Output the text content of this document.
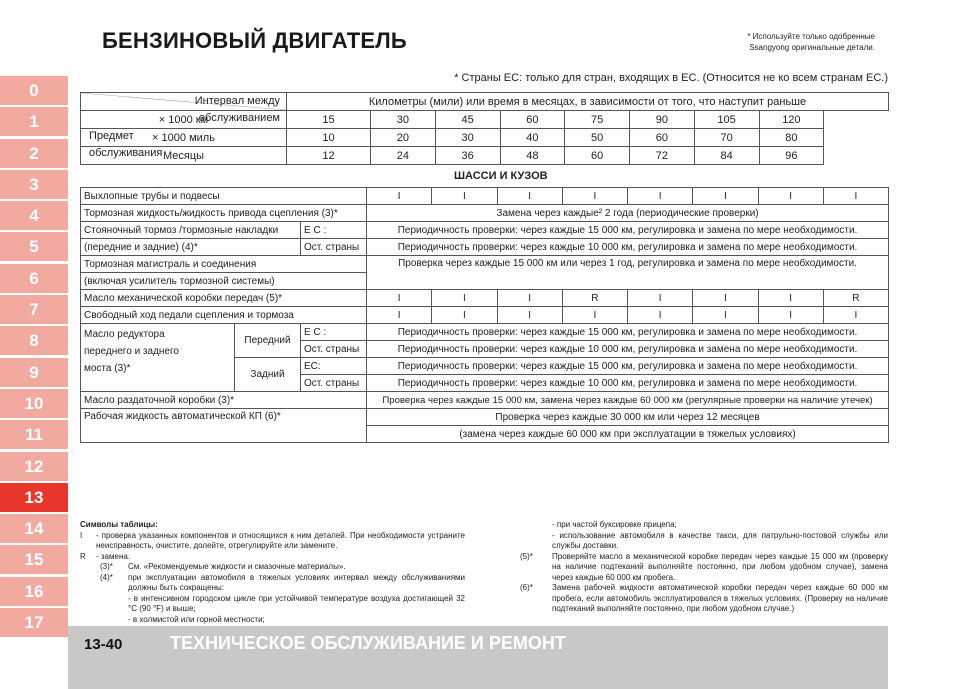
БЕНЗИНОВЫЙ ДВИГАТЕЛЬ	* Используйте только одобренные
Ssangyong оригинальные детали.
0
1
2
3
4
5
6
7
8
9
10
11
12
13
14
15
16
17
* Страны ЕС: только для стран, входящих в ЕС. (Относится не ко всем странам ЕС.)
Интервал между
обслуживанием
Предмет
обслуживания	Километры (мили) или время в месяцах, в зависимости от того, что наступит раньше							
× 1000 км	15	30	45	60	75	90	105	120
× 1000 миль	10	20	30	40	50	60	70	80
Месяцы	12	24	36	48	60	72	84	96
ШАССИ И КУЗОВ
Выхлопные трубы и подвесы			I	I	I	I	I	I	I	I
Тормозная жидкость/жидкость привода сцепления (3)*			Замена через каждые² 2 года (периодические проверки)							
Стояночный тормоз /тормозные накладки		Е С :	Периодичность проверки: через каждые 15 000 км, регулировка и замена по мере необходимости.							
(передние и задние) (4)*		Ост. страны	Периодичность проверки: через каждые 10 000 км, регулировка и замена по мере необходимости.							
Тормозная магистраль и соединения			Проверка через каждые 15 000 км или через 1 год, регулировка и замена по мере необходимости.							
(включая усилитель тормозной системы)										
Масло механической коробки передач (5)*			I	I	I	R	I	I	I	R
Свободный ход педали сцепления и тормоза			I	I	I	I	I	I	I	I

Масло редуктора
переднего и заднего
моста (3)*	Передний	Е С :	Периодичность проверки: через каждые 15 000 км, регулировка и замена по мере необходимости.							
		Ост. страны	Периодичность проверки: через каждые 10 000 км, регулировка и замена по мере необходимости.							
	Задний	ЕС:	Периодичность проверки: через каждые 15 000 км, регулировка и замена по мере необходимости.							
		Ост. страны	Периодичность проверки: через каждые 10 000 км, регулировка и замена по мере необходимости.							
Масло раздаточной коробки (3)*			Проверка через каждые 15 000 км, замена через каждые 60 000 км (регулярные проверки на наличие утечек)							
Рабочая жидкость автоматической КП (6)*			Проверка через каждые 30 000 км или через 12 месяцев							
			(замена через каждые 60 000 км при эксплуатации в тяжелых условиях)							
Символы таблицы:
I	- проверка указанных компонентов и относящихся к ним деталей. При необходимости устраните неисправность, очистите, долейте, отрегулируйте или замените.
R	- замена.
(3)*	См. «Рекомендуемые жидкости и смазочные материалы».
(4)*	при эксплуатации автомобиля в тяжелых условиях интервал между обслуживаниями должны быть сокращены:
- в интенсивном городском цикле при устойчивой температуре воздуха достигающей 32 °C (90 °F) и выше;
- в холмистой или горной местности;
- при частой буксировке прицепа;
- использование автомобиля в качестве такси, для патрульно-постовой службы или службы доставки.
(5)*	Проверяйте масло в механической коробке передач через каждые 15 000 км (проверку на наличие подтеканий выполняйте постоянно, при любом удобном случае), замена через каждые 60 000 км пробега.
(6)*	Замена рабочей жидкости автоматической коробки передач через каждые 60 000 км пробега, если автомобиль эксплуатировался в тяжелых условиях. (Проверку на наличие подтеканий выполняйте постоянно, при любом удобном случае.)
13-40	ТЕХНИЧЕСКОЕ ОБСЛУЖИВАНИЕ И РЕМОНТ
